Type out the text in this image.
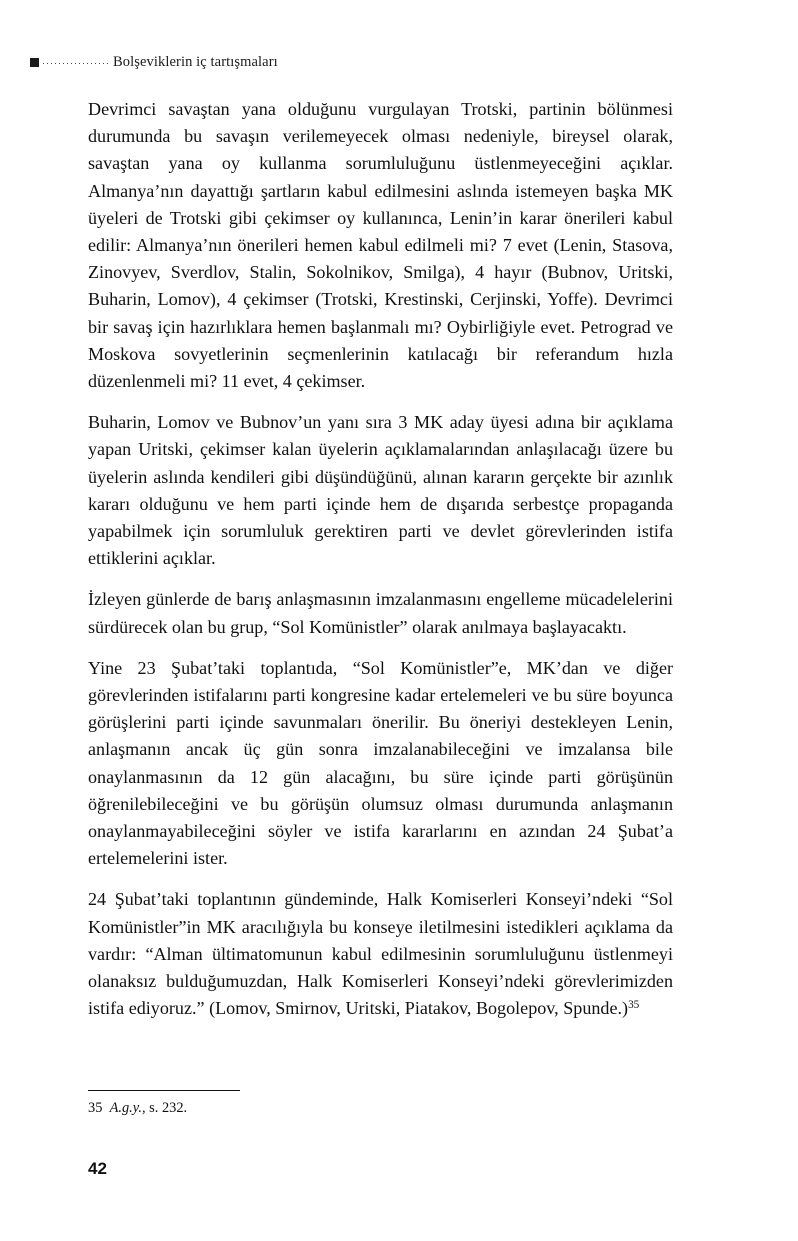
Bolşeviklerin iç tartışmaları

Devrimci savaştan yana olduğunu vurgulayan Trotski, partinin bölünmesi durumunda bu savaşın verilemeyecek olması nedeniyle, bireysel olarak, savaştan yana oy kullanma sorumluluğunu üstlenmeyeceğini açıklar. Almanya’nın dayattığı şartların kabul edilmesini aslında istemeyen başka MK üyeleri de Trotski gibi çekimser oy kullanınca, Lenin’in karar önerileri kabul edilir: Almanya’nın önerileri hemen kabul edilmeli mi? 7 evet (Lenin, Stasova, Zinovyev, Sverdlov, Stalin, Sokolnikov, Smilga), 4 hayır (Bubnov, Uritski, Buharin, Lomov), 4 çekimser (Trotski, Krestinski, Cerjinski, Yoffe). Devrimci bir savaş için hazırlıklara hemen başlanmalı mı? Oybirliğiyle evet. Petrograd ve Moskova sovyetlerinin seçmenlerinin katılacağı bir referandum hızla düzenlenmeli mi? 11 evet, 4 çekimser.

Buharin, Lomov ve Bubnov’un yanı sıra 3 MK aday üyesi adına bir açıklama yapan Uritski, çekimser kalan üyelerin açıklamalarından anlaşılacağı üzere bu üyelerin aslında kendileri gibi düşündüğünü, alınan kararın gerçekte bir azınlık kararı olduğunu ve hem parti içinde hem de dışarıda serbestçe propaganda yapabilmek için sorumluluk gerektiren parti ve devlet görevlerinden istifa ettiklerini açıklar.

İzleyen günlerde de barış anlaşmasının imzalanmasını engelleme mücadelelerini sürdürecek olan bu grup, “Sol Komünistler” olarak anılmaya başlayacaktı.

Yine 23 Şubat’taki toplantıda, “Sol Komünistler”e, MK’dan ve diğer görevlerinden istifalarını parti kongresine kadar ertelemeleri ve bu süre boyunca görüşlerini parti içinde savunmaları önerilir. Bu öneriyi destekleyen Lenin, anlaşmanın ancak üç gün sonra imzalanabileceğini ve imzalansa bile onaylanmasının da 12 gün alacağını, bu süre içinde parti görüşünün öğrenilebileceğini ve bu görüşün olumsuz olması durumunda anlaşmanın onaylanmayabileceğini söyler ve istifa kararlarını en azından 24 Şubat’a ertelemelerini ister.

24 Şubat’taki toplantının gündeminde, Halk Komiserleri Konseyi’ndeki “Sol Komünistler”in MK aracılığıyla bu konseye iletilmesini istedikleri açıklama da vardır: “Alman ültimatomunun kabul edilmesinin sorumluluğunu üstlenmeyi olanaksız bulduğumuzdan, Halk Komiserleri Konseyi’ndeki görevlerimizden istifa ediyoruz.” (Lomov, Smirnov, Uritski, Piatakov, Bogolepov, Spunde.)$^{35}$

35 A.g.y., s. 232.
42
